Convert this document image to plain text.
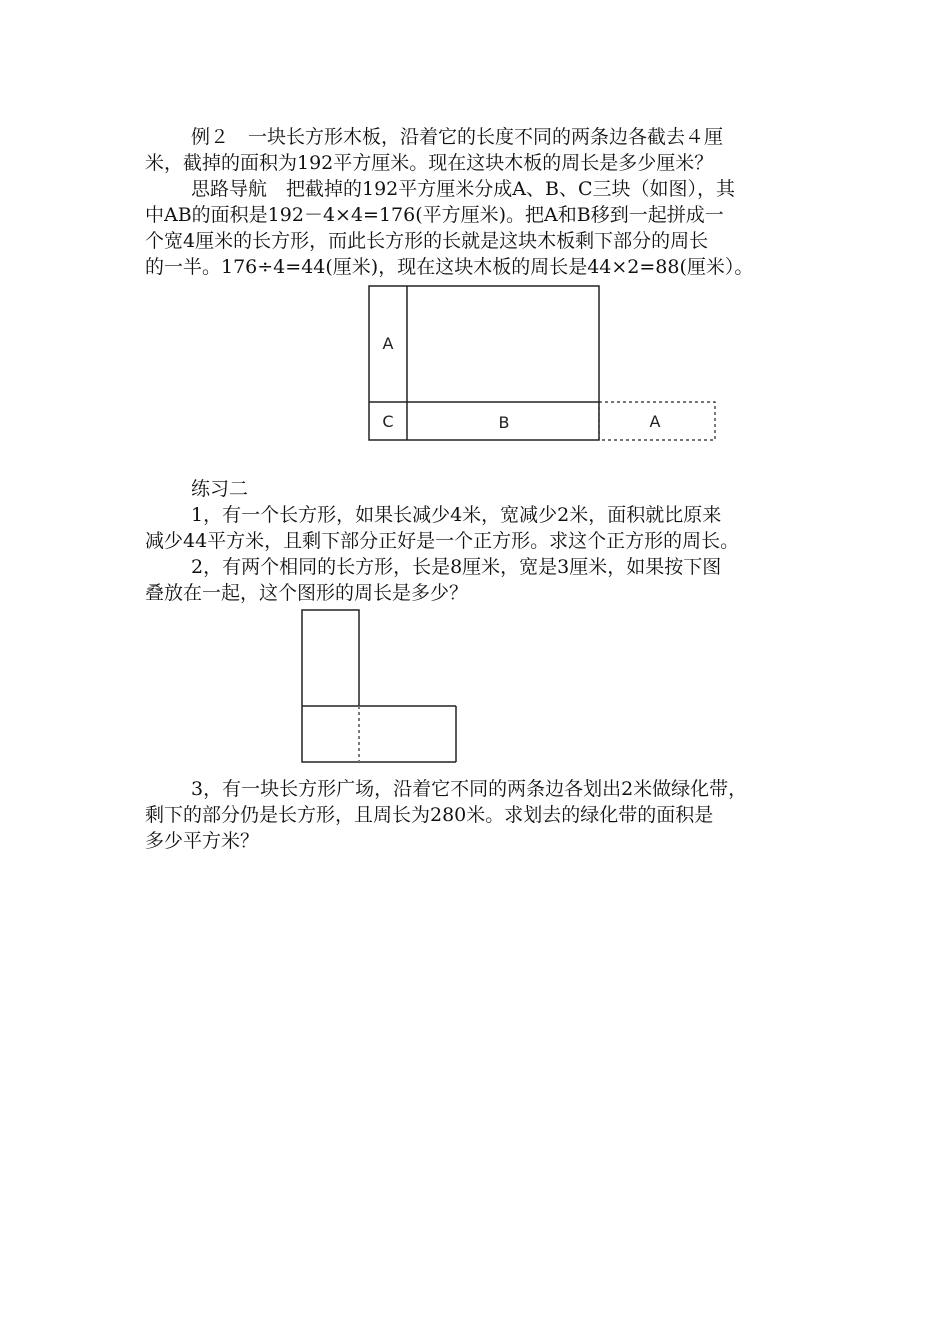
例２　一块长方形木板，沿着它的长度不同的两条边各截去４厘
米，截掉的面积为192平方厘米。现在这块木板的周长是多少厘米？

思路导航　把截掉的192平方厘米分成A、B、C三块（如图），其
中AB的面积是192－4×4=176(平方厘米)。把A和B移到一起拼成一
个宽4厘米的长方形，而此长方形的长就是这块木板剩下部分的周长
的一半。176÷4=44(厘米)，现在这块木板的周长是44×2=88(厘米）。

A
C	B	A

练习二

1，有一个长方形，如果长减少4米，宽减少2米，面积就比原来
减少44平方米，且剩下部分正好是一个正方形。求这个正方形的周长。

2，有两个相同的长方形，长是8厘米，宽是3厘米，如果按下图
叠放在一起，这个图形的周长是多少？

3，有一块长方形广场，沿着它不同的两条边各划出2米做绿化带，
剩下的部分仍是长方形，且周长为280米。求划去的绿化带的面积是
多少平方米？
